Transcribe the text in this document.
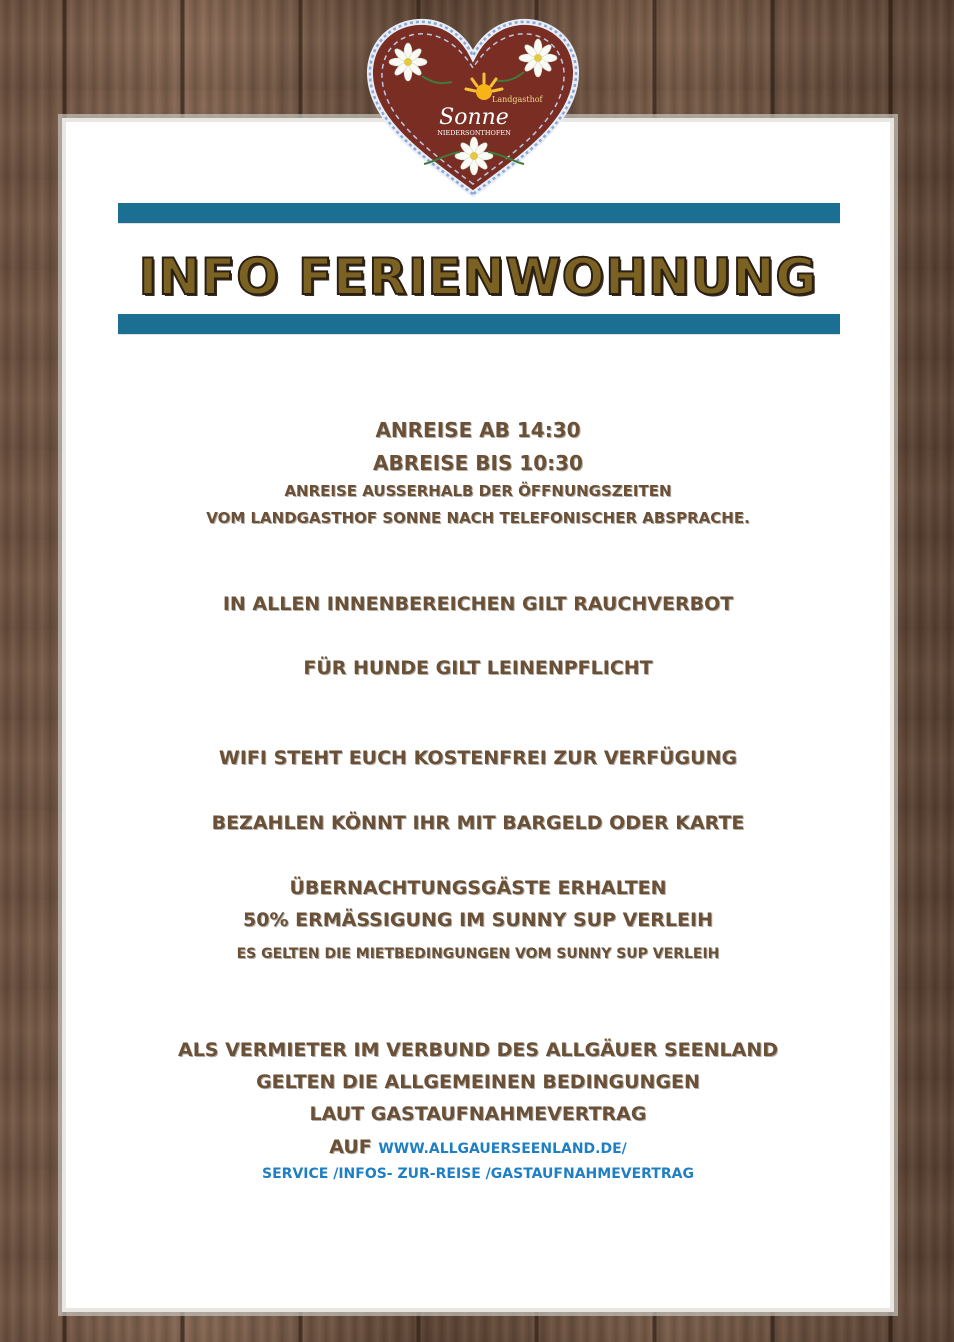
Landgasthof
Sonne
NIEDERSONTHOFEN
INFO FERIENWOHNUNG
ANREISE AB 14:30
ABREISE BIS 10:30
ANREISE AUSSERHALB DER ÖFFNUNGSZEITEN
VOM LANDGASTHOF SONNE NACH TELEFONISCHER ABSPRACHE.
IN ALLEN INNENBEREICHEN GILT RAUCHVERBOT
FÜR HUNDE GILT LEINENPFLICHT
WIFI STEHT EUCH KOSTENFREI ZUR VERFÜGUNG
BEZAHLEN KÖNNT IHR MIT BARGELD ODER KARTE
ÜBERNACHTUNGSGÄSTE ERHALTEN
50% ERMÄSSIGUNG IM SUNNY SUP VERLEIH
ES GELTEN DIE MIETBEDINGUNGEN VOM SUNNY SUP VERLEIH
ALS VERMIETER IM VERBUND DES ALLGÄUER SEENLAND
GELTEN DIE ALLGEMEINEN BEDINGUNGEN
LAUT GASTAUFNAHMEVERTRAG
AUF WWW.ALLGAUERSEENLAND.DE/
SERVICE /INFOS- ZUR-REISE /GASTAUFNAHMEVERTRAG
